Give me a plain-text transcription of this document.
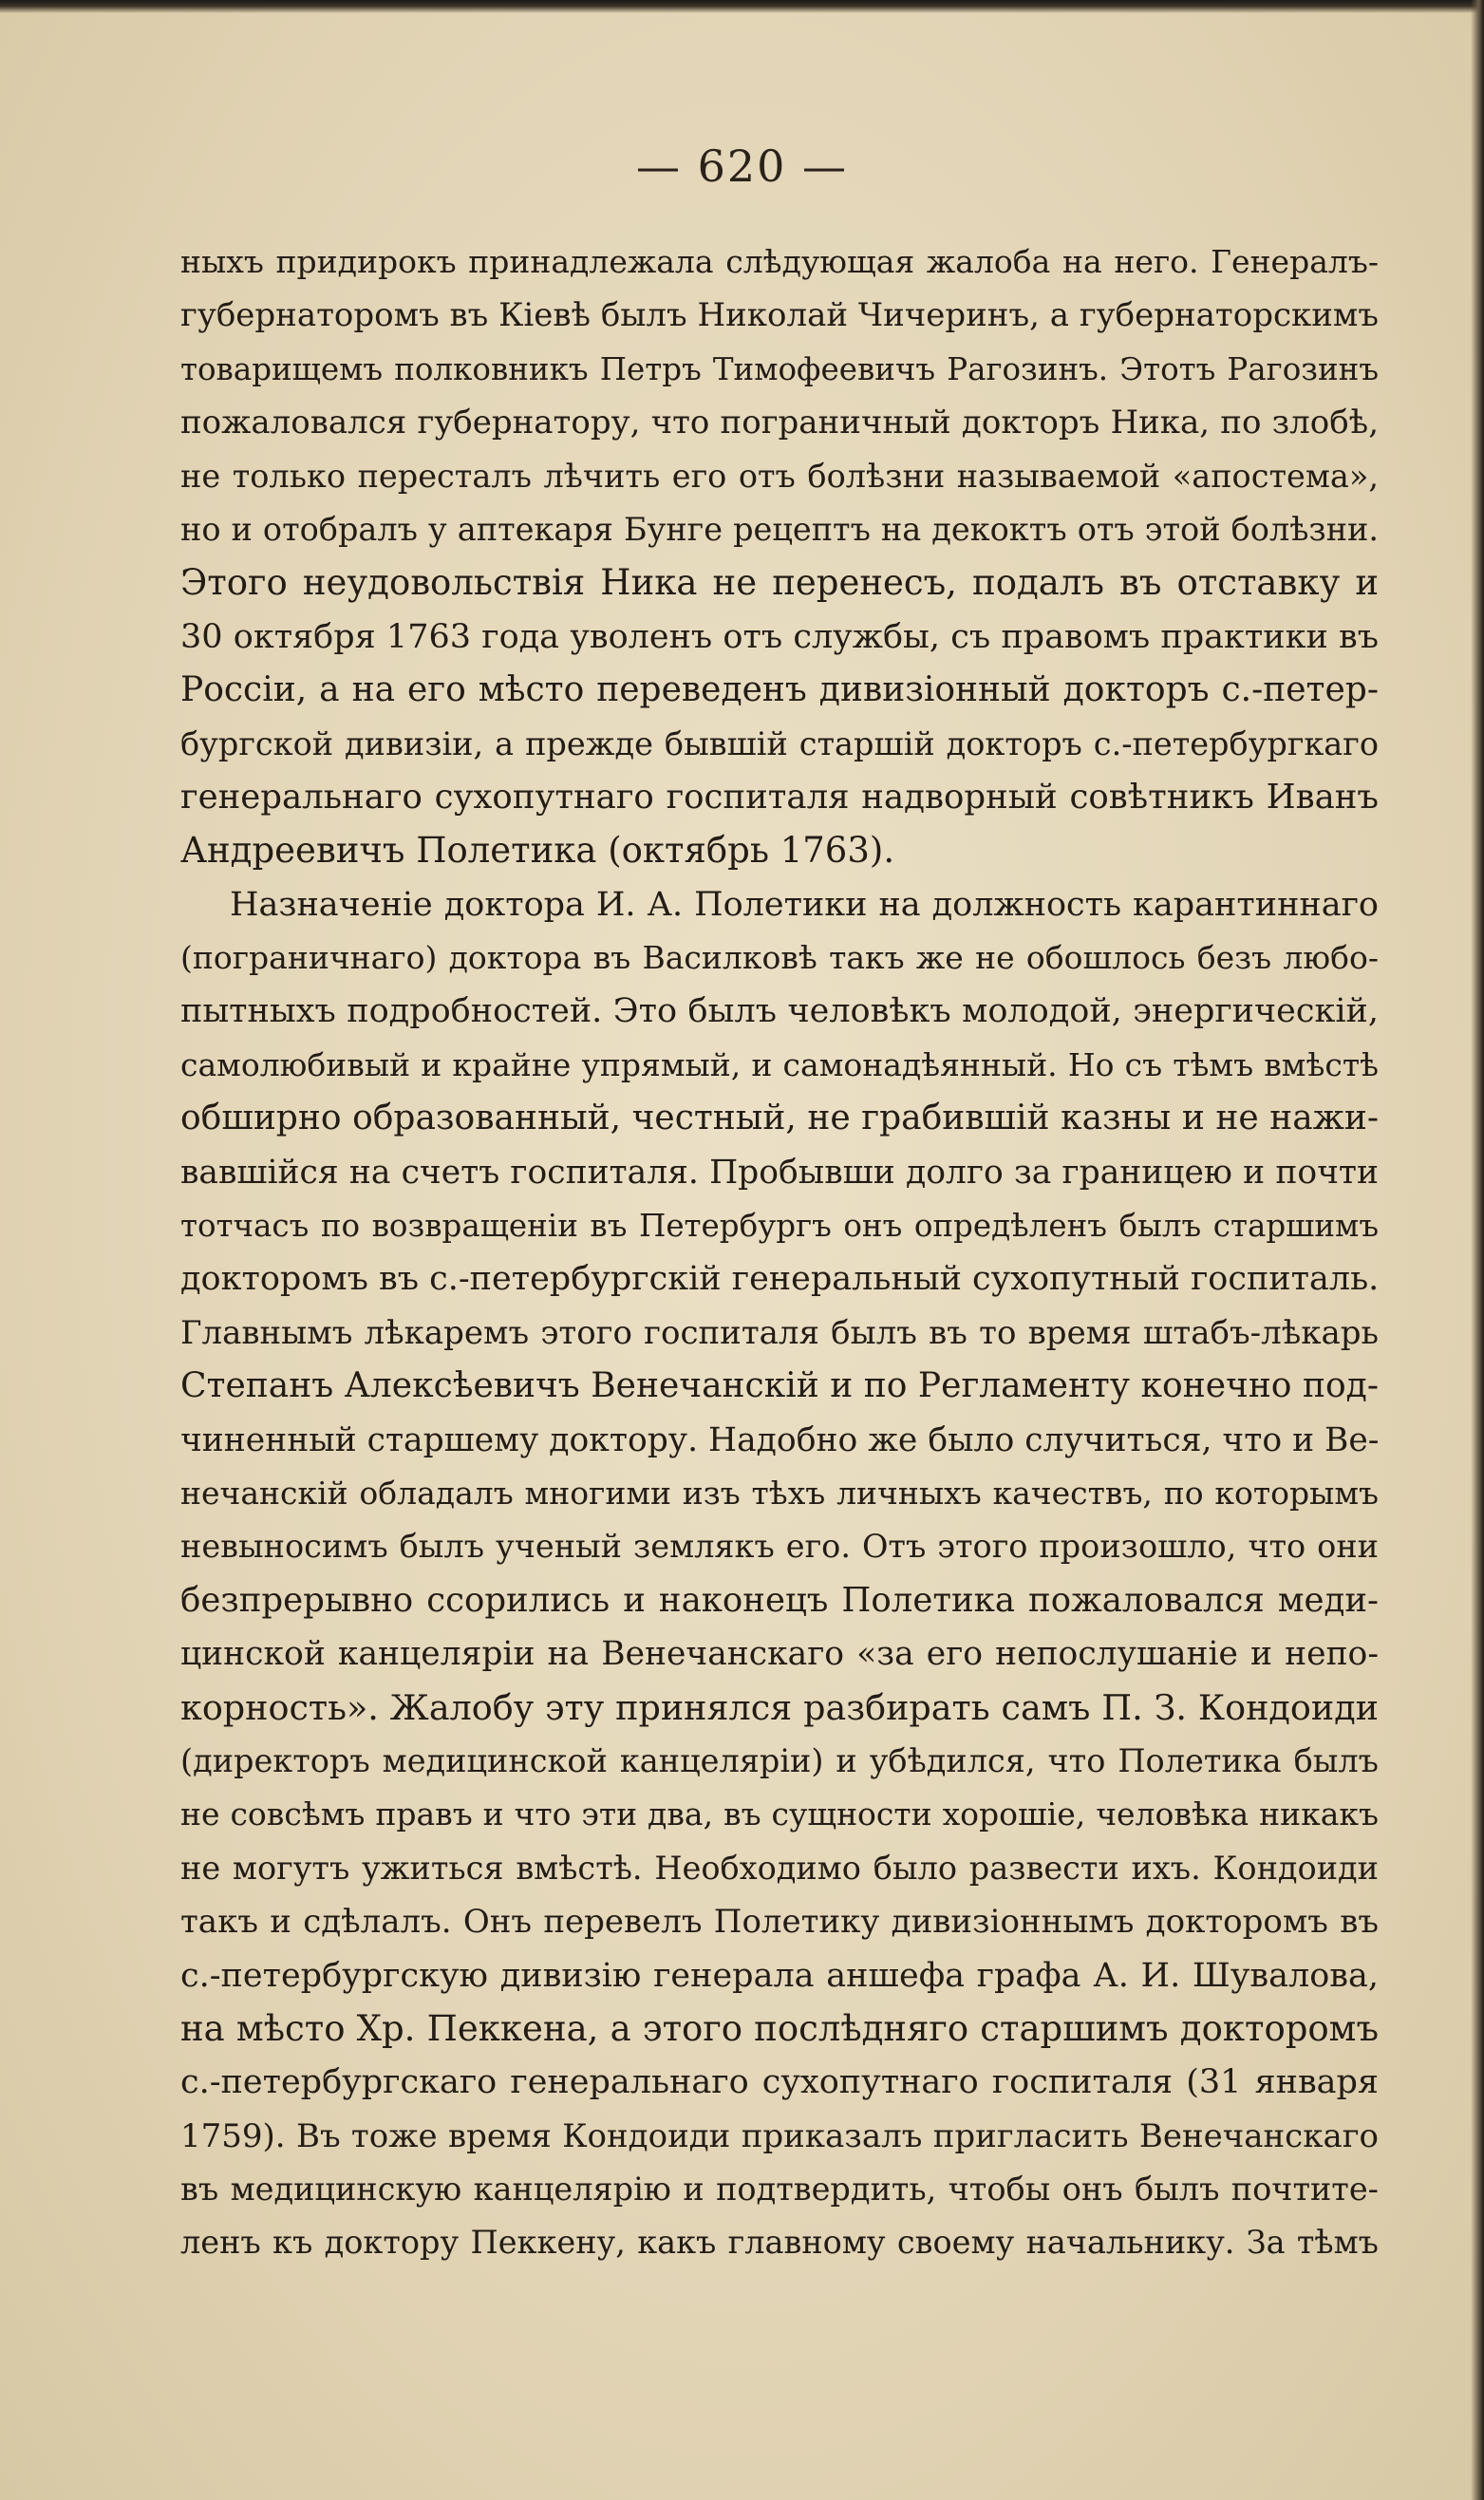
— 620 —
ныхъ придирокъ принадлежала слѣдующая жалоба на него. Генералъ-
губернаторомъ въ Кіевѣ былъ Николай Чичеринъ, а губернаторскимъ
товарищемъ полковникъ Петръ Тимофеевичъ Рагозинъ. Этотъ Рагозинъ
пожаловался губернатору, что пограничный докторъ Ника, по злобѣ,
не только пересталъ лѣчить его отъ болѣзни называемой «апостема»,
но и отобралъ у аптекаря Бунге рецептъ на декоктъ отъ этой болѣзни.
Этого неудовольствія Ника не перенесъ, подалъ въ отставку и
30 октября 1763 года уволенъ отъ службы, съ правомъ практики въ
Россіи, а на его мѣсто переведенъ дивизіонный докторъ с.-петер-
бургской дивизіи, а прежде бывшій старшій докторъ с.-петербургкаго
генеральнаго сухопутнаго госпиталя надворный совѣтникъ Иванъ
Андреевичъ Полетика (октябрь 1763).
Назначеніе доктора И. А. Полетики на должность карантиннаго
(пограничнаго) доктора въ Василковѣ такъ же не обошлось безъ любо-
пытныхъ подробностей. Это былъ человѣкъ молодой, энергическій,
самолюбивый и крайне упрямый, и самонадѣянный. Но съ тѣмъ вмѣстѣ
обширно образованный, честный, не грабившій казны и не нажи-
вавшійся на счетъ госпиталя. Пробывши долго за границею и почти
тотчасъ по возвращеніи въ Петербургъ онъ опредѣленъ былъ старшимъ
докторомъ въ с.-петербургскій генеральный сухопутный госпиталь.
Главнымъ лѣкаремъ этого госпиталя былъ въ то время штабъ-лѣкарь
Степанъ Алексѣевичъ Венечанскій и по Регламенту конечно под-
чиненный старшему доктору. Надобно же было случиться, что и Ве-
нечанскій обладалъ многими изъ тѣхъ личныхъ качествъ, по которымъ
невыносимъ былъ ученый землякъ его. Отъ этого произошло, что они
безпрерывно ссорились и наконецъ Полетика пожаловался меди-
цинской канцеляріи на Венечанскаго «за его непослушаніе и непо-
корность». Жалобу эту принялся разбирать самъ П. З. Кондоиди
(директоръ медицинской канцеляріи) и убѣдился, что Полетика былъ
не совсѣмъ правъ и что эти два, въ сущности хорошіе, человѣка никакъ
не могутъ ужиться вмѣстѣ. Необходимо было развести ихъ. Кондоиди
такъ и сдѣлалъ. Онъ перевелъ Полетику дивизіоннымъ докторомъ въ
с.-петербургскую дивизію генерала аншефа графа А. И. Шувалова,
на мѣсто Хр. Пеккена, а этого послѣдняго старшимъ докторомъ
с.-петербургскаго генеральнаго сухопутнаго госпиталя (31 января
1759). Въ тоже время Кондоиди приказалъ пригласить Венечанскаго
въ медицинскую канцелярію и подтвердить, чтобы онъ былъ почтите-
ленъ къ доктору Пеккену, какъ главному своему начальнику. За тѣмъ
